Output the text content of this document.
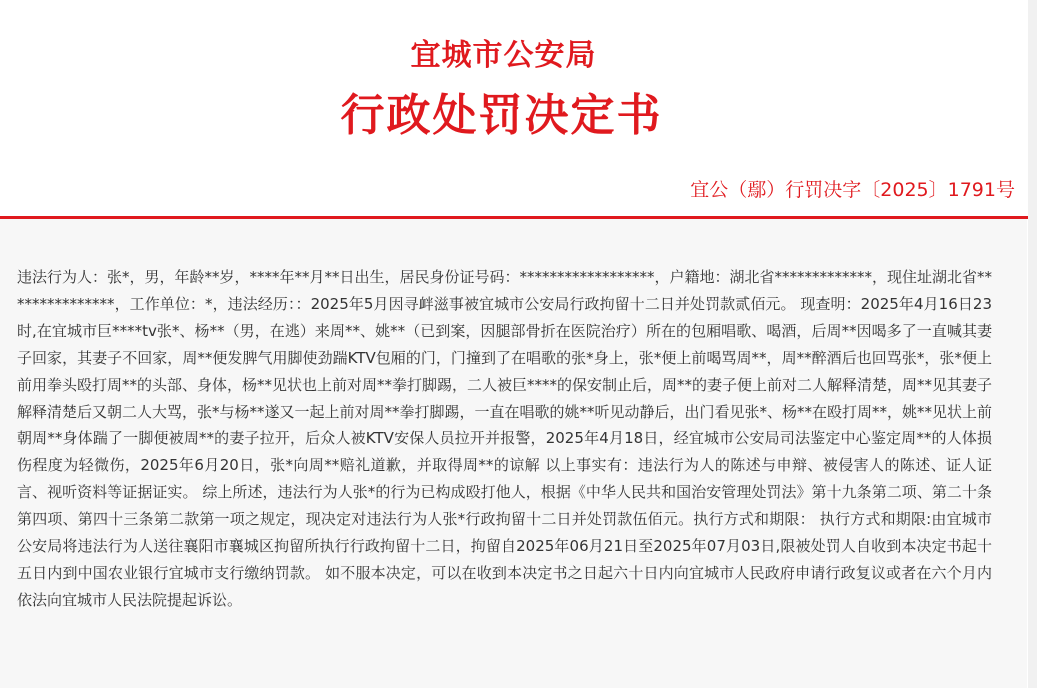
宜城市公安局
行政处罚决定书
宜公（鄢）行罚决字〔2025〕1791号
违法行为人：张*，男，年龄**岁，****年**月**日出生，居民身份证号码：******************，户籍地：湖北省*************，现住址湖北省***************，工作单位：*，违法经历：：2025年5月因寻衅滋事被宜城市公安局行政拘留十二日并处罚款贰佰元。 现查明：2025年4月16日23时,在宜城市巨****tv张*、杨**（男，在逃）来周**、姚**（已到案，因腿部骨折在医院治疗）所在的包厢唱歌、喝酒，后周**因喝多了一直喊其妻子回家，其妻子不回家，周**便发脾气用脚使劲踹KTV包厢的门，门撞到了在唱歌的张*身上，张*便上前喝骂周**，周**醉酒后也回骂张*，张*便上前用拳头殴打周**的头部、身体，杨**见状也上前对周**拳打脚踢，二人被巨****的保安制止后，周**的妻子便上前对二人解释清楚，周**见其妻子解释清楚后又朝二人大骂，张*与杨**遂又一起上前对周**拳打脚踢，一直在唱歌的姚**听见动静后，出门看见张*、杨**在殴打周**，姚**见状上前朝周**身体踹了一脚便被周**的妻子拉开，后众人被KTV安保人员拉开并报警，2025年4月18日，经宜城市公安局司法鉴定中心鉴定周**的人体损伤程度为轻微伤，2025年6月20日，张*向周**赔礼道歉，并取得周**的谅解 以上事实有：违法行为人的陈述与申辩、被侵害人的陈述、证人证言、视听资料等证据证实。 综上所述，违法行为人张*的行为已构成殴打他人，根据《中华人民共和国治安管理处罚法》第十九条第二项、第二十条第四项、第四十三条第二款第一项之规定，现决定对违法行为人张*行政拘留十二日并处罚款伍佰元。执行方式和期限： 执行方式和期限:由宜城市公安局将违法行为人送往襄阳市襄城区拘留所执行行政拘留十二日，拘留自2025年06月21日至2025年07月03日,限被处罚人自收到本决定书起十五日内到中国农业银行宜城市支行缴纳罚款。 如不服本决定，可以在收到本决定书之日起六十日内向宜城市人民政府申请行政复议或者在六个月内依法向宜城市人民法院提起诉讼。
